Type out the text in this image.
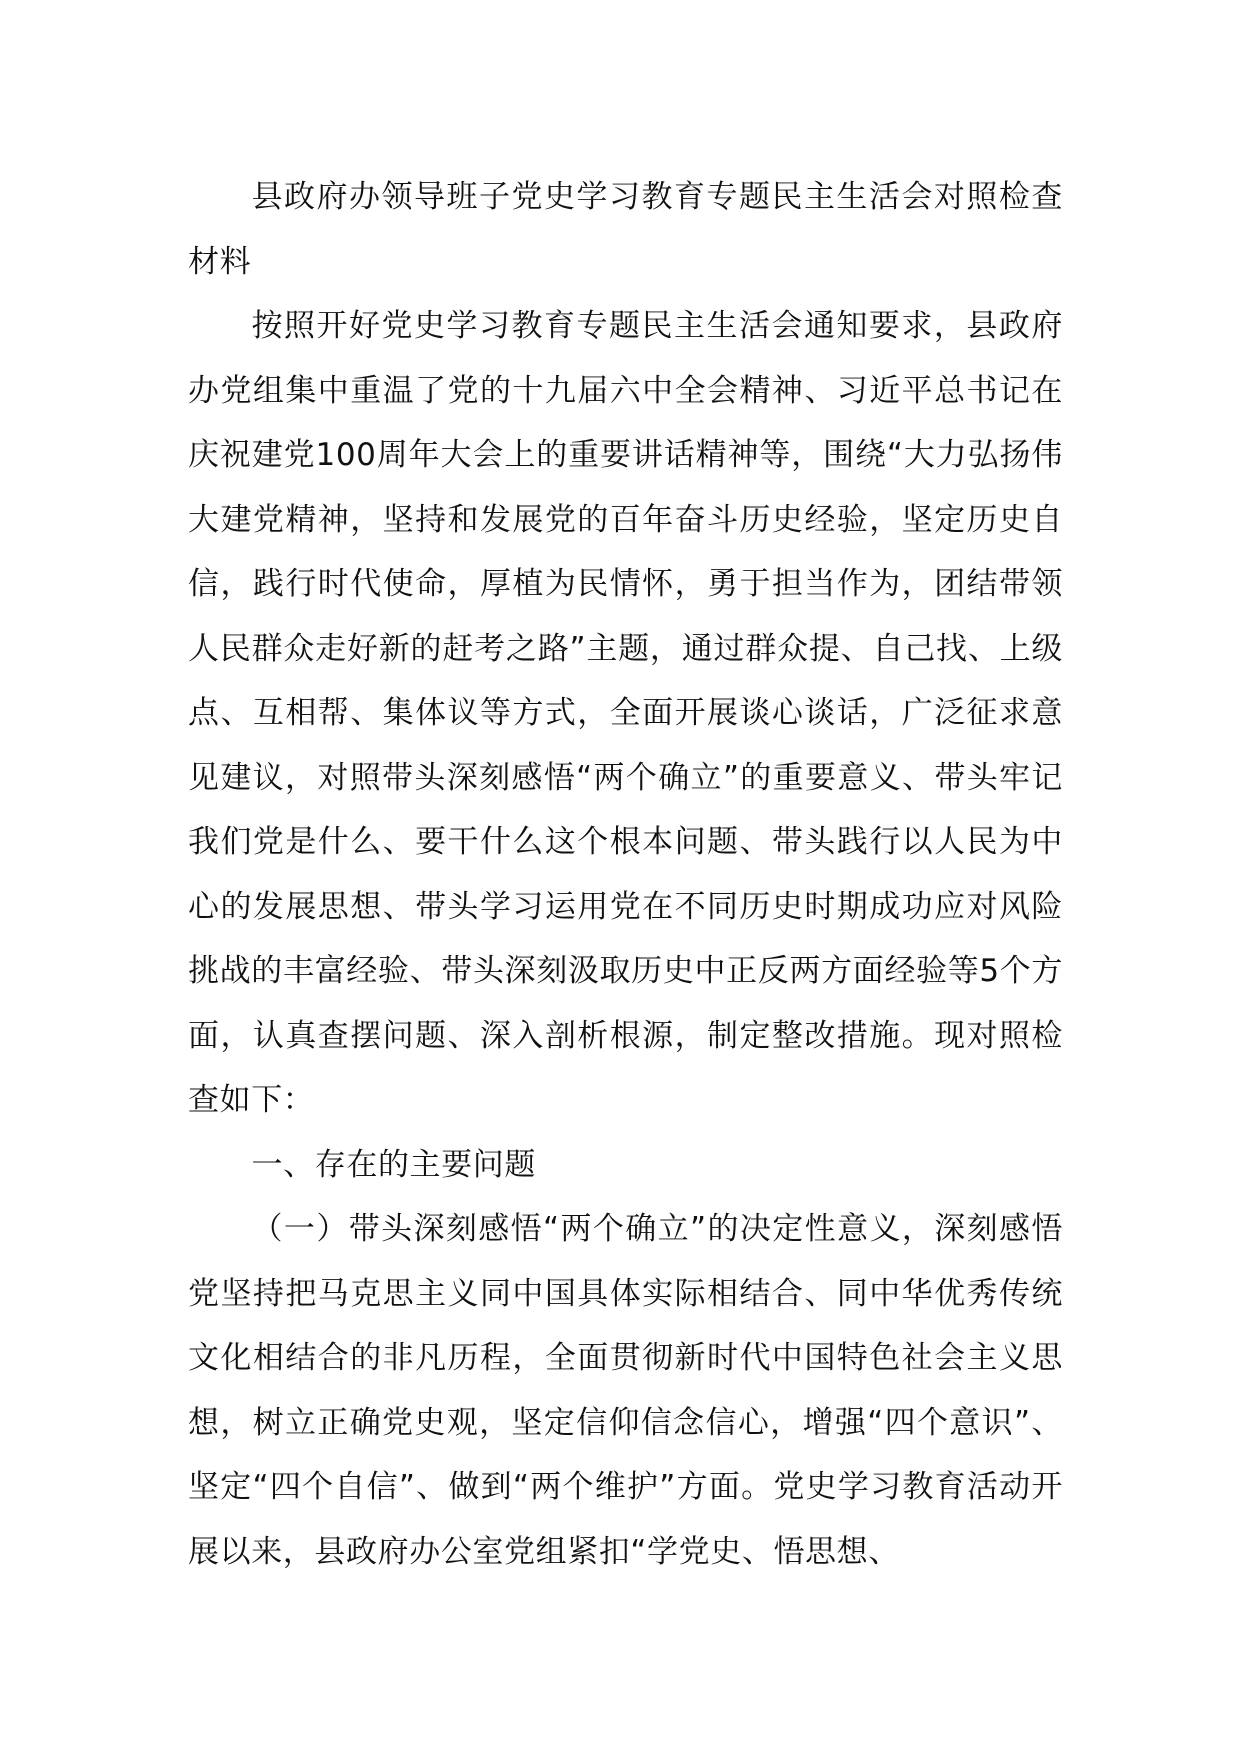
县政府办领导班子党史学习教育专题民主生活会对照检查材料

按照开好党史学习教育专题民主生活会通知要求，县政府办党组集中重温了党的十九届六中全会精神、习近平总书记在庆祝建党100周年大会上的重要讲话精神等，围绕“大力弘扬伟大建党精神，坚持和发展党的百年奋斗历史经验，坚定历史自信，践行时代使命，厚植为民情怀，勇于担当作为，团结带领人民群众走好新的赶考之路”主题，通过群众提、自己找、上级点、互相帮、集体议等方式，全面开展谈心谈话，广泛征求意见建议，对照带头深刻感悟“两个确立”的重要意义、带头牢记我们党是什么、要干什么这个根本问题、带头践行以人民为中心的发展思想、带头学习运用党在不同历史时期成功应对风险挑战的丰富经验、带头深刻汲取历史中正反两方面经验等5个方面，认真查摆问题、深入剖析根源，制定整改措施。现对照检查如下：

一、存在的主要问题

（一）带头深刻感悟“两个确立”的决定性意义，深刻感悟党坚持把马克思主义同中国具体实际相结合、同中华优秀传统文化相结合的非凡历程，全面贯彻新时代中国特色社会主义思想，树立正确党史观，坚定信仰信念信心，增强“四个意识”、坚定“四个自信”、做到“两个维护”方面。党史学习教育活动开展以来，县政府办公室党组紧扣“学党史、悟思想、
